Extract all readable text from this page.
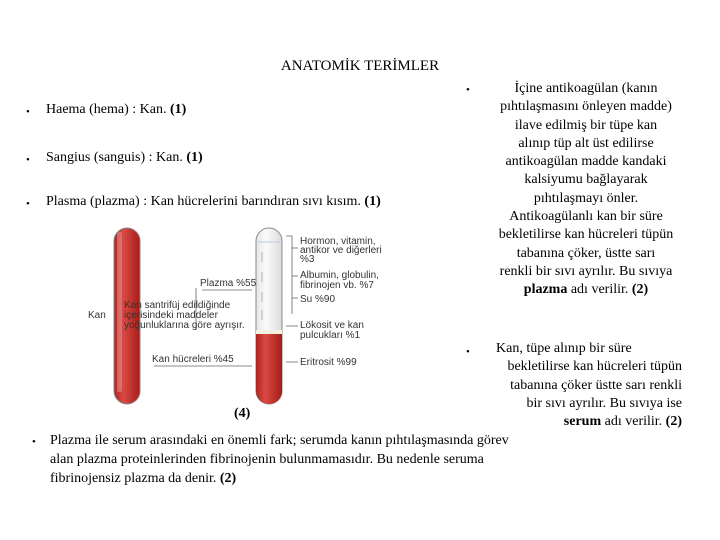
ANATOMİK TERİMLER
• Haema (hema) : Kan. (1)
• Sangius (sanguis) : Kan. (1)
• Plasma (plazma) : Kan hücrelerini barındıran sıvı kısım. (1)
•	İçine antikoagülan (kanın
pıhtılaşmasını önleyen madde)
ilave edilmiş bir tüpe kan
alınıp tüp alt üst edilirse
antikoagülan madde kandaki
kalsiyumu bağlayarak
pıhtılaşmayı önler.
Antikoagülanlı kan bir süre
bekletilirse kan hücreleri tüpün
tabanına çöker, üstte sarı
renkli bir sıvı ayrılır. Bu sıvıya
plazma adı verilir. (2)
•	Kan, tüpe alınıp bir süre
bekletilirse kan hücreleri tüpün
tabanına çöker üstte sarı renkli
bir sıvı ayrılır. Bu sıvıya ise
serum adı verilir. (2)
(4)
• Plazma ile serum arasındaki en önemli fark; serumda kanın pıhtılaşmasında görev
alan plazma proteinlerinden fibrinojenin bulunmamasıdır. Bu nedenle seruma
fibrinojensiz plazma da denir. (2)
Kan
Plazma %55
Kan santrifüj edildiğinde
içerisindeki maddeler
yoğunluklarına göre ayrışır.
Kan hücreleri %45
Hormon, vitamin,
antikor ve diğerleri
%3
Albumin, globulin,
fibrinojen vb. %7
Su %90
Lökosit ve kan
pulcukları %1
Eritrosit %99
